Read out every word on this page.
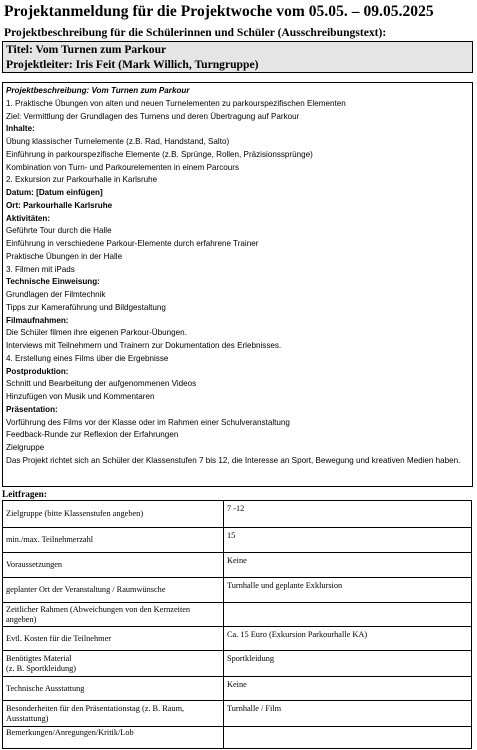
Projektanmeldung für die Projektwoche vom 05.05. – 09.05.2025
Projektbeschreibung für die Schülerinnen und Schüler (Ausschreibungstext):
Titel: Vom Turnen zum Parkour
Projektleiter: Iris Feit (Mark Willich, Turngruppe)
Projektbeschreibung: Vom Turnen zum Parkour
1. Praktische Übungen von alten und neuen Turnelementen zu parkourspezifischen Elementen
Ziel: Vermittlung der Grundlagen des Turnens und deren Übertragung auf Parkour
Inhalte:
Übung klassischer Turnelemente (z.B. Rad, Handstand, Salto)
Einführung in parkourspezifische Elemente (z.B. Sprünge, Rollen, Präzisionssprünge)
Kombination von Turn- und Parkourelementen in einem Parcours
2. Exkursion zur Parkourhalle in Karlsruhe
Datum: [Datum einfügen]
Ort: Parkourhalle Karlsruhe
Aktivitäten:
Geführte Tour durch die Halle
Einführung in verschiedene Parkour-Elemente durch erfahrene Trainer
Praktische Übungen in der Halle
3. Filmen mit iPads
Technische Einweisung:
Grundlagen der Filmtechnik
Tipps zur Kameraführung und Bildgestaltung
Filmaufnahmen:
Die Schüler filmen ihre eigenen Parkour-Übungen.
Interviews mit Teilnehmern und Trainern zur Dokumentation des Erlebnisses.
4. Erstellung eines Films über die Ergebnisse
Postproduktion:
Schnitt und Bearbeitung der aufgenommenen Videos
Hinzufügen von Musik und Kommentaren
Präsentation:
Vorführung des Films vor der Klasse oder im Rahmen einer Schulveranstaltung
Feedback-Runde zur Reflexion der Erfahrungen
Zielgruppe
Das Projekt richtet sich an Schüler der Klassenstufen 7 bis 12, die Interesse an Sport, Bewegung und kreativen Medien haben.
Leitfragen:
Zielgruppe (bitte Klassenstufen angeben)	7 -12
min./max. Teilnehmerzahl	15
Voraussetzungen	Keine
geplanter Ort der Veranstaltung / Raumwünsche	Turnhalle und geplante Exklursion
Zeitlicher Rahmen (Abweichungen von den Kernzeiten angeben)	
Evtl. Kosten für die Teilnehmer	Ca. 15 Euro (Exkursion Parkourhalle KA)
Benötigtes Material
(z. B. Sportkleidung)	Sportkleidung
Technische Ausstattung	Keine
Besonderheiten für den Präsentationstag (z. B. Raum, Ausstattung)	Turnhalle / Film
Bemerkungen/Anregungen/Kritik/Lob	
